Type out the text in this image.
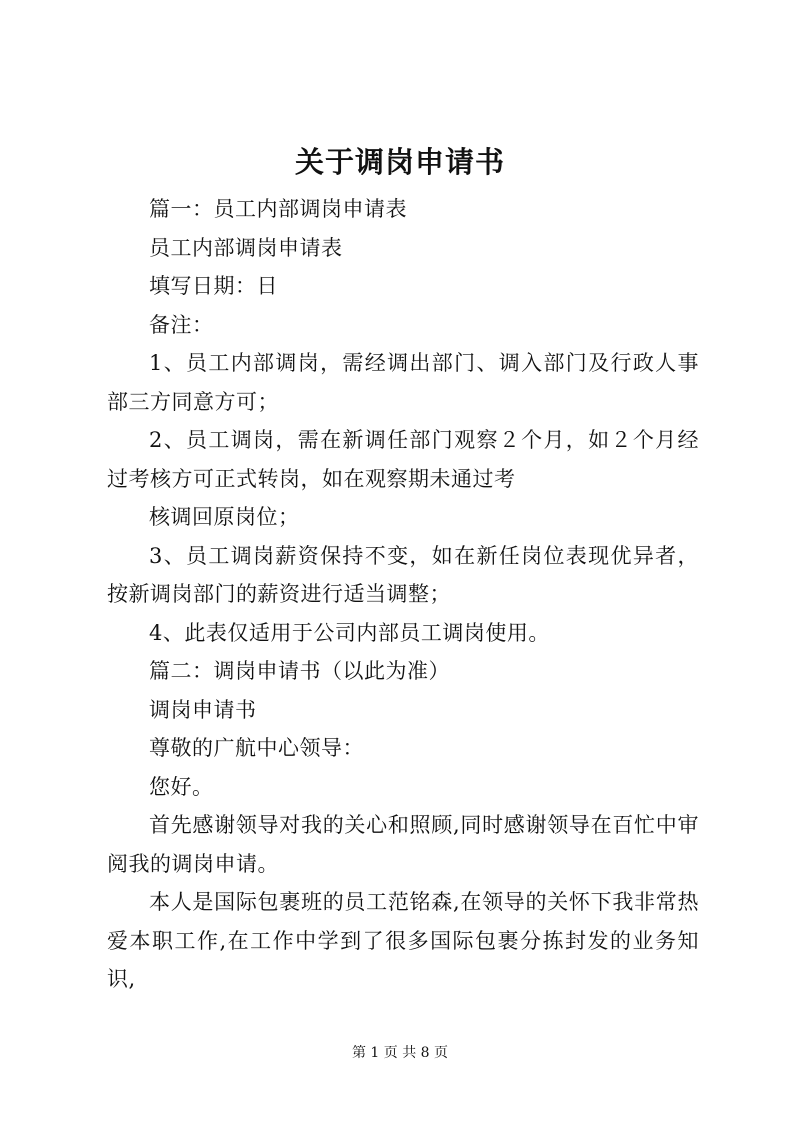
关于调岗申请书

篇一：员工内部调岗申请表

员工内部调岗申请表

填写日期：日

备注：

1、员工内部调岗，需经调出部门、调入部门及行政人事部三方同意方可；

2、员工调岗，需在新调任部门观察２个月，如２个月经过考核方可正式转岗，如在观察期未通过考

核调回原岗位；

3、员工调岗薪资保持不变，如在新任岗位表现优异者，按新调岗部门的薪资进行适当调整；

4、此表仅适用于公司内部员工调岗使用。

篇二：调岗申请书（以此为准）

调岗申请书

尊敬的广航中心领导：

您好。

首先感谢领导对我的关心和照顾,同时感谢领导在百忙中审阅我的调岗申请。

本人是国际包裹班的员工范铭森,在领导的关怀下我非常热爱本职工作,在工作中学到了很多国际包裹分拣封发的业务知识,

第 1 页 共 8 页
